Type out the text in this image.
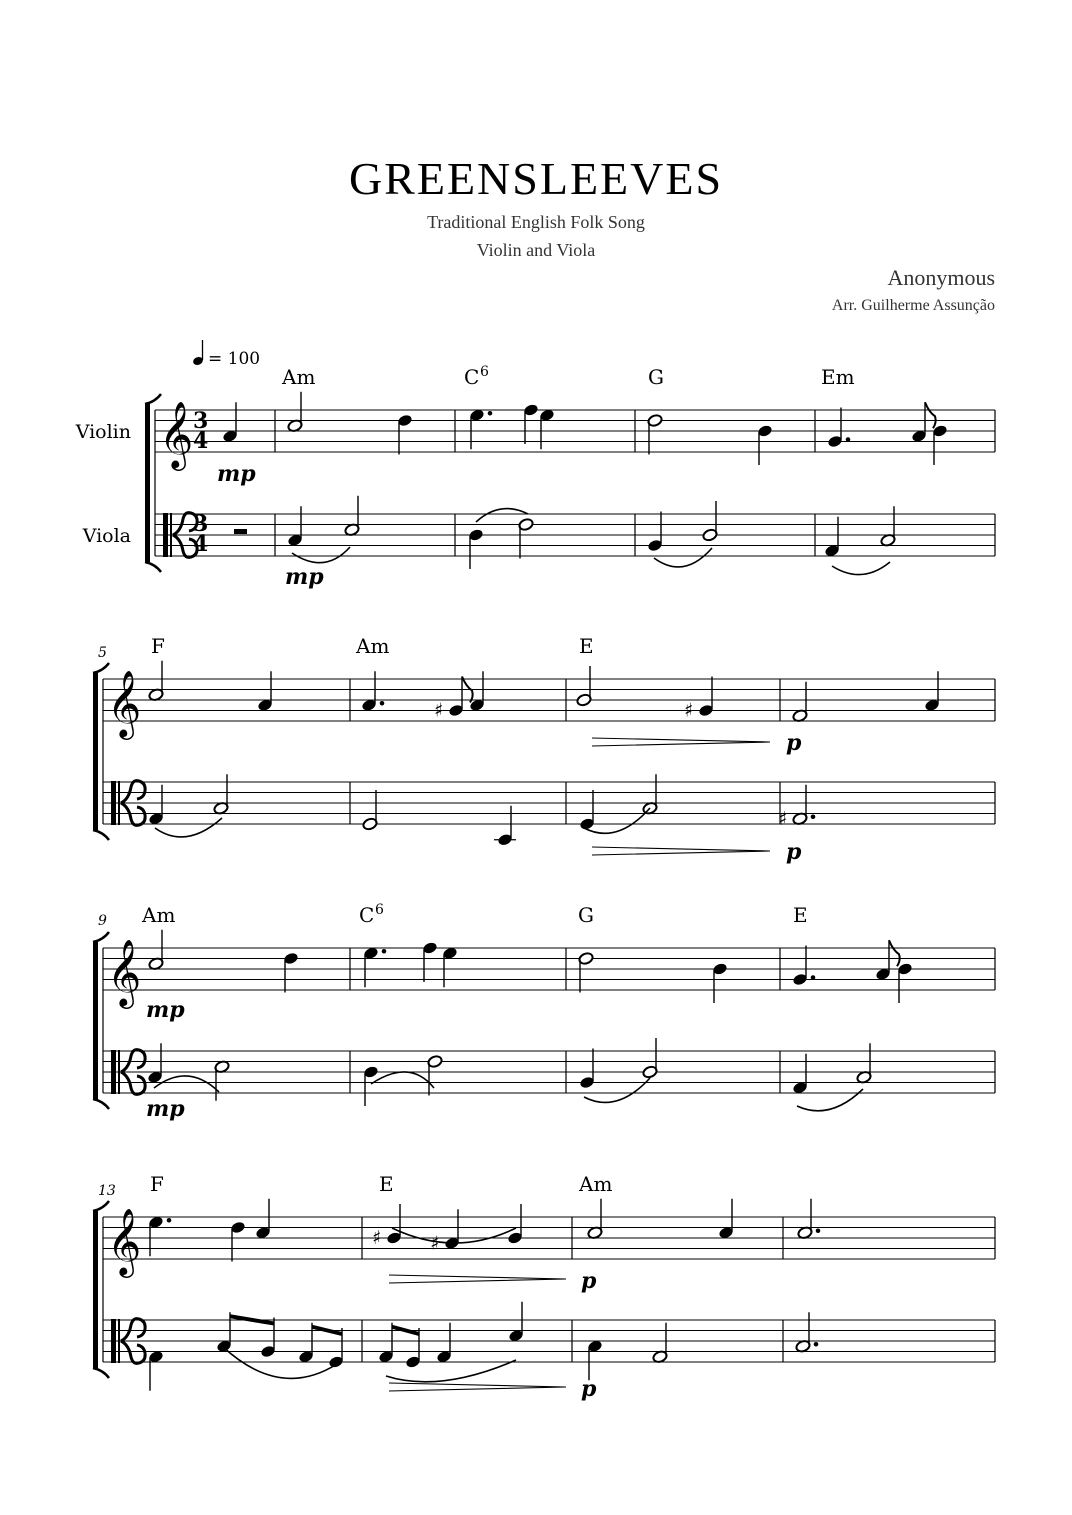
GREENSLEEVES
Traditional English Folk Song
Violin and Viola
Anonymous
Arr. Guilherme Assunção
= 100
Violin
Viola
𝄞
𝄞
𝄞
𝄞
3
4
3
4
5
9
13
Am	C 6	G	Em
F	Am	E
Am	C 6	G	E
F	E	Am
mp
mp
p
p
mp
mp
p
p
♯	♯
♯
♯	♯
